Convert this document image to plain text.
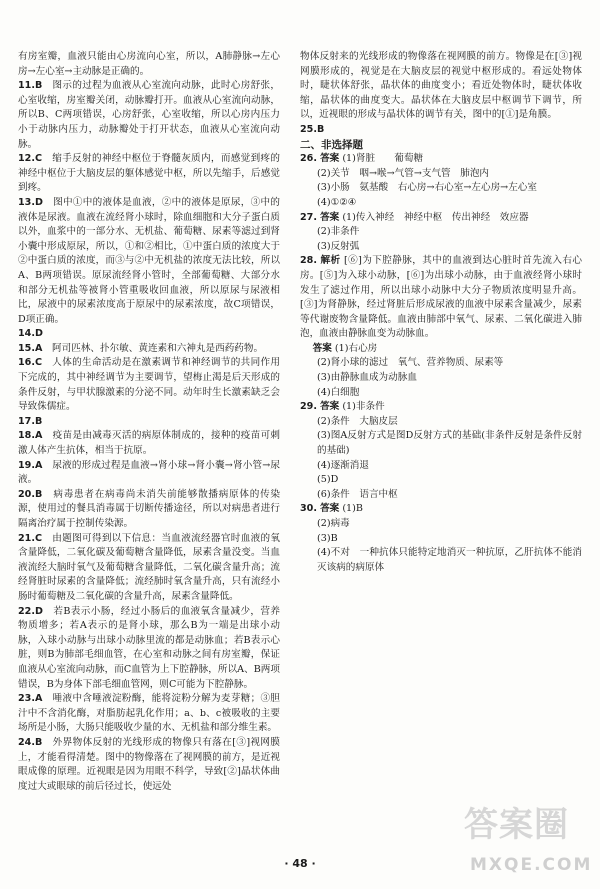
有房室瓣，血液只能由心房流向心室，所以，A肺静脉→左心房→左心室→主动脉是正确的。

11.B　 图示的过程为血液从心室流向动脉，此时心房舒张，心室收缩，房室瓣关闭，动脉瓣打开。血液从心室流向动脉，所以B、C两项错误，心房舒张，心室收缩，所以心房内压力小于动脉内压力，动脉瓣处于打开状态，血液从心室流向动脉。

12.C　 缩手反射的神经中枢位于脊髓灰质内，而感觉到疼的神经中枢位于大脑皮层的躯体感觉中枢，所以先缩手，后感觉到疼。

13.D　 图中①中的液体是血液，②中的液体是原尿，③中的液体是尿液。血液在流经肾小球时，除血细胞和大分子蛋白质以外，血浆中的一部分水、无机盐、葡萄糖、尿素等滤过到肾小囊中形成原尿，所以，①和②相比，①中蛋白质的浓度大于②中蛋白质的浓度，而③与②中无机盐的浓度无法比较，所以A、B两项错误。原尿流经肾小管时，全部葡萄糖、大部分水和部分无机盐等被肾小管重吸收回血液，所以原尿与尿液相比，尿液中的尿素浓度高于原尿中的尿素浓度，故C项错误，D项正确。

14.D

15.A　 阿司匹林、扑尔敏、黄连素和六神丸是西药药物。

16.C　 人体的生命活动是在激素调节和神经调节的共同作用下完成的，其中神经调节为主要调节，望梅止渴是后天形成的条件反射，与甲状腺激素的分泌不同。动年时生长激素缺乏会导致侏儒症。

17.B

18.A　 疫苗是由减毒灭活的病原体制成的，接种的疫苗可刺激人体产生抗体，相当于抗原。

19.A　 尿液的形成过程是血液→肾小球→肾小囊→肾小管→尿液。

20.B　 病毒患者在病毒尚未消失前能够散播病原体的传染源，使用过的餐具消毒属于切断传播途径，所以对病患者进行隔离治疗属于控制传染源。

21.C　 由题图可得到以下信息：当血液流经器官时血液的氧含量降低，二氧化碳及葡萄糖含量降低，尿素含量没变。当血液流经大脑时氧气及葡萄糖含量降低，二氧化碳含量升高；流经肾脏时尿素的含量降低；流经肺时氧含量升高，只有流经小肠时葡萄糖及二氧化碳的含量升高，尿素含量降低。

22.D　 若B表示小肠，经过小肠后的血液氧含量减少，营养物质增多；若A表示的是肾小球，那么B为一端是出球小动脉，入球小动脉与出球小动脉里流的都是动脉血；若B表示心脏，则B为肺部毛细血管，在心室和动脉之间有房室瓣，保证血液从心室流向动脉，而C血管为上下腔静脉，所以A、B两项错误，B为身体下部毛细血管网，则C可能为下腔静脉。

23.A　 唾液中含唾液淀粉酶，能将淀粉分解为麦芽糖；③胆汁中不含消化酶，对脂肪起乳化作用；a、b、c被吸收的主要场所是小肠，大肠只能吸收少量的水、无机盐和部分维生素。

24.B　 外界物体反射的光线形成的物像只有落在[③]视网膜上，才能看得清楚。图中的物像落在了视网膜的前方，是近视眼成像的原理。近视眼是因为用眼不科学，导致[②]晶状体曲度过大或眼球的前后径过长，使远处

物体反射来的光线形成的物像落在视网膜的前方。物像是在[③]视网膜形成的，视觉是在大脑皮层的视觉中枢形成的。看远处物体时，睫状体舒张，晶状体的曲度变小；看近处物体时，睫状体收缩，晶状体的曲度变大。晶状体在大脑皮层中枢调节下调节，所以，近视眼的形成与晶状体的调节有关，图中的[①]是角膜。

25.B

二、非选择题

26. 答案 (1)肾脏　　葡萄糖

(2)关节　咽→喉→气管→支气管　肺泡内

(3)小肠　氨基酸　右心房→右心室→左心房→左心室

(4)①②④

27. 答案 (1)传入神经　神经中枢　传出神经　效应器

(2)非条件

(3)反射弧

28. 解析 [⑥]为下腔静脉，其中的血液到达心脏时首先流入右心房。[⑤]为入球小动脉，[⑥]为出球小动脉，由于血液经肾小球时发生了滤过作用，所以出球小动脉中大分子物质浓度明显升高。[③]为肾静脉，经过肾脏后形成尿液的血液中尿素含量减少，尿素等代谢废物含量降低。血液由肺部中氧气、尿素、二氧化碳进入肺泡，血液由静脉血变为动脉血。

　 答案 (1)右心房

(2)肾小球的滤过　氧气、营养物质、尿素等

(3)由静脉血成为动脉血

(4)白细胞

29. 答案 (1)非条件

(2)条件　大脑皮层

(3)图A反射方式是图D反射方式的基础(非条件反射是条件反射的基础)

(4)逐渐消退

(5)D

(6)条件　语言中枢

30. 答案 (1)B

(2)病毒

(3)B

(4)不对　一种抗体只能特定地消灭一种抗原，乙肝抗体不能消灭该病的病原体

· 48 ·
答案圈
MXQE.COM
